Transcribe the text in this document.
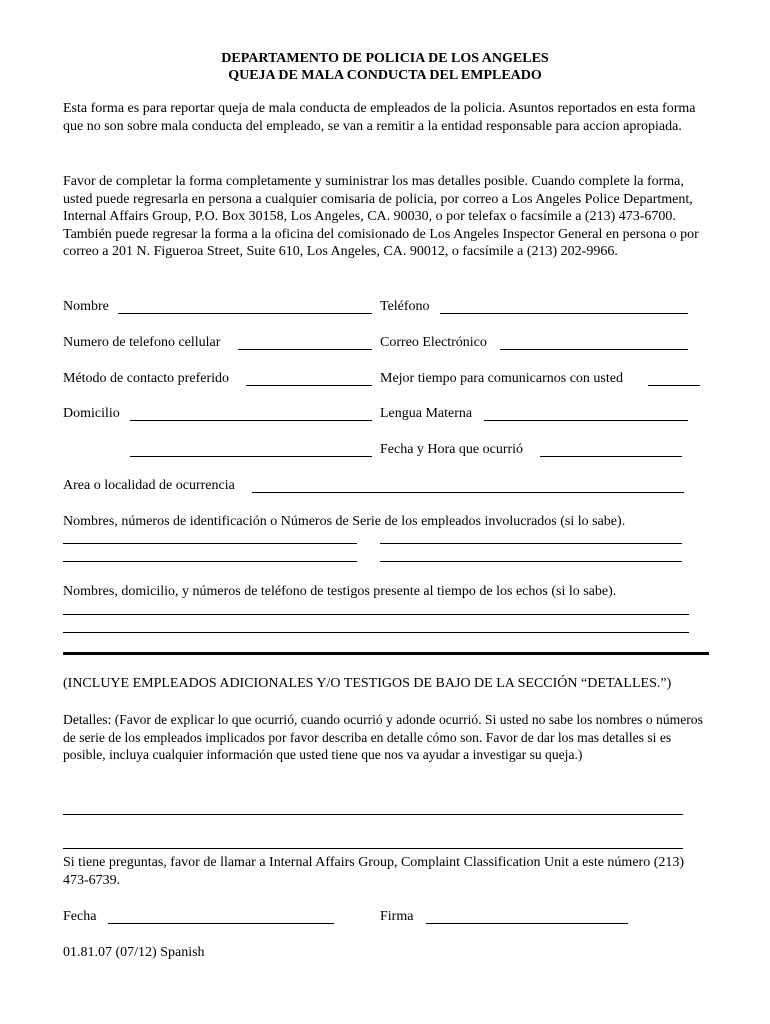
DEPARTAMENTO DE POLICIA DE LOS ANGELES
QUEJA DE MALA CONDUCTA DEL EMPLEADO
Esta forma es para reportar queja de mala conducta de empleados de la policia. Asuntos reportados en esta forma que no son sobre mala conducta del empleado, se van a remitir a la entidad responsable para accion apropiada.
Favor de completar la forma completamente y suministrar los mas detalles posible. Cuando complete la forma, usted puede regresarla en persona a cualquier comisaria de policia, por correo a Los Angeles Police Department, Internal Affairs Group, P.O. Box 30158, Los Angeles, CA. 90030, o por telefax o facsímile a (213) 473-6700. También puede regresar la forma a la oficina del comisionado de Los Angeles Inspector General en persona o por correo a 201 N. Figueroa Street, Suite 610, Los Angeles, CA. 90012, o facsímile a (213) 202-9966.
Nombre	Teléfono
Numero de telefono cellular	Correo Electrónico
Método de contacto preferido	Mejor tiempo para comunicarnos con usted
Domicilio	Lengua Materna
Fecha y Hora que ocurrió
Area o localidad de ocurrencia
Nombres, números de identificación o Números de Serie de los empleados involucrados (si lo sabe).
Nombres, domicilio, y números de teléfono de testigos presente al tiempo de los echos (si lo sabe).
(INCLUYE EMPLEADOS ADICIONALES Y/O TESTIGOS DE BAJO DE LA SECCIÓN “DETALLES.”)
Detalles: (Favor de explicar lo que ocurrió, cuando ocurrió y adonde ocurrió. Si usted no sabe los nombres o números de serie de los empleados implicados por favor describa en detalle cómo son. Favor de dar los mas detalles si es posible, incluya cualquier información que usted tiene que nos va ayudar a investigar su queja.)
Si tiene preguntas, favor de llamar a Internal Affairs Group, Complaint Classification Unit a este número (213) 473-6739.
Fecha	Firma
01.81.07 (07/12) Spanish
